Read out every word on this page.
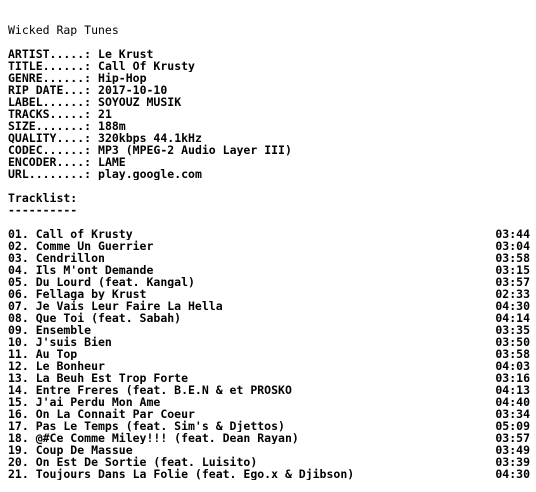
Wicked Rap Tunes
ARTIST.....: Le Krust
TITLE......: Call Of Krusty
GENRE......: Hip-Hop
RIP DATE...: 2017-10-10
LABEL......: SOYOUZ MUSIK
TRACKS.....: 21
SIZE.......: 188m
QUALITY....: 320kbps 44.1kHz
CODEC......: MP3 (MPEG-2 Audio Layer III)
ENCODER....: LAME
URL........: play.google.com
Tracklist:
----------
01. Call of Krusty	03:44
02. Comme Un Guerrier	03:04
03. Cendrillon	03:58
04. Ils M'ont Demande	03:15
05. Du Lourd (feat. Kangal)	03:57
06. Fellaga by Krust	02:33
07. Je Vais Leur Faire La Hella	04:30
08. Que Toi (feat. Sabah)	04:14
09. Ensemble	03:35
10. J'suis Bien	03:50
11. Au Top	03:58
12. Le Bonheur	04:03
13. La Beuh Est Trop Forte	03:16
14. Entre Freres (feat. B.E.N & et PROSKO	04:13
15. J'ai Perdu Mon Ame	04:40
16. On La Connait Par Coeur	03:34
17. Pas Le Temps (feat. Sim's & Djettos)	05:09
18. @#Ce Comme Miley!!! (feat. Dean Rayan)	03:57
19. Coup De Massue	03:49
20. On Est De Sortie (feat. Luisito)	03:39
21. Toujours Dans La Folie (feat. Ego.x & Djibson)	04:30
